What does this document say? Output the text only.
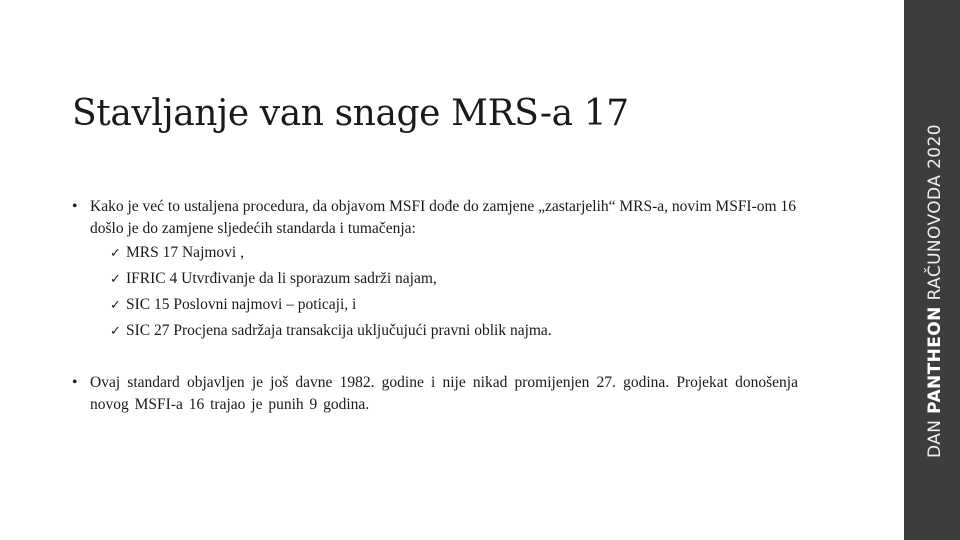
Stavljanje van snage MRS-a 17
• Kako je već to ustaljena procedura, da objavom MSFI dođe do zamjene „zastarjelih“ MRS-a, novim MSFI-om 16 došlo je do zamjene sljedećih standarda i tumačenja:
✓ MRS 17 Najmovi ,
✓ IFRIC 4 Utvrđivanje da li sporazum sadrži najam,
✓ SIC 15 Poslovni najmovi – poticaji, i
✓ SIC 27 Procjena sadržaja transakcija uključujući pravni oblik najma.
• Ovaj standard objavljen je još davne 1982. godine i nije nikad promijenjen 27. godina. Projekat donošenja novog MSFI-a 16 trajao je punih 9 godina.
DAN PANTHEON RAČUNOVODA 2020
